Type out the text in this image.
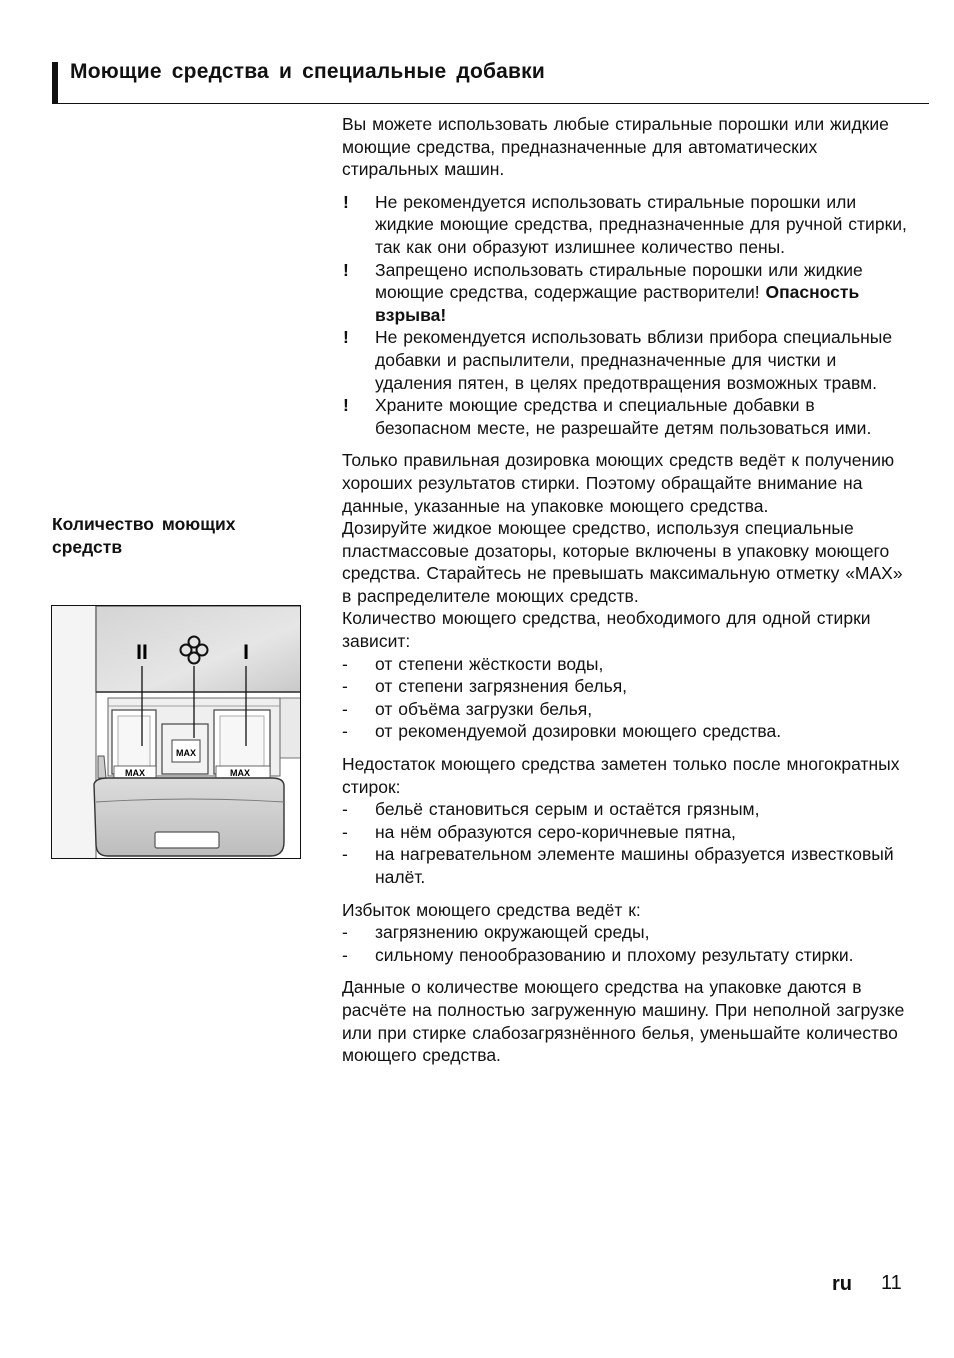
Моющие средства и специальные добавки
Количество моющих средств
MAX
MAX
MAX
II	I

Вы можете использовать любые стиральные порошки или жидкие моющие средства, предназначенные для автоматических стиральных машин.

!	Не рекомендуется использовать стиральные порошки или жидкие моющие средства, предназначенные для ручной стирки, так как они образуют излишнее количество пены.
!	Запрещено использовать стиральные порошки или жидкие моющие средства, содержащие растворители! Опасность взрыва!
!	Не рекомендуется использовать вблизи прибора специальные добавки и распылители, предназначенные для чистки и удаления пятен, в целях предотвращения возможных травм.
!	Храните моющие средства и специальные добавки в безопасном месте, не разрешайте детям пользоваться ими.

Только правильная дозировка моющих средств ведёт к получению хороших результатов стирки. Поэтому обращайте внимание на данные, указанные на упаковке моющего средства.

Дозируйте жидкое моющее средство, используя специальные пластмассовые дозаторы, которые включены в упаковку моющего средства. Старайтесь не превышать максимальную отметку «MAX» в распределителе моющих средств.

Количество моющего средства, необходимого для одной стирки зависит:

-	от степени жёсткости воды,
-	от степени загрязнения белья,
-	от объёма загрузки белья,
-	от рекомендуемой дозировки моющего средства.

Недостаток моющего средства заметен только после многократных стирок:

-	бельё становиться серым и остаётся грязным,
-	на нём образуются серо-коричневые пятна,
-	на нагревательном элементе машины образуется известковый налёт.

Избыток моющего средства ведёт к:

-	загрязнению окружающей среды,
-	сильному пенообразованию и плохому результату стирки.

Данные о количестве моющего средства на упаковке даются в расчёте на полностью загруженную машину. При неполной загрузке или при стирке слабозагрязнённого белья, уменьшайте количество моющего средства.

ru 11
